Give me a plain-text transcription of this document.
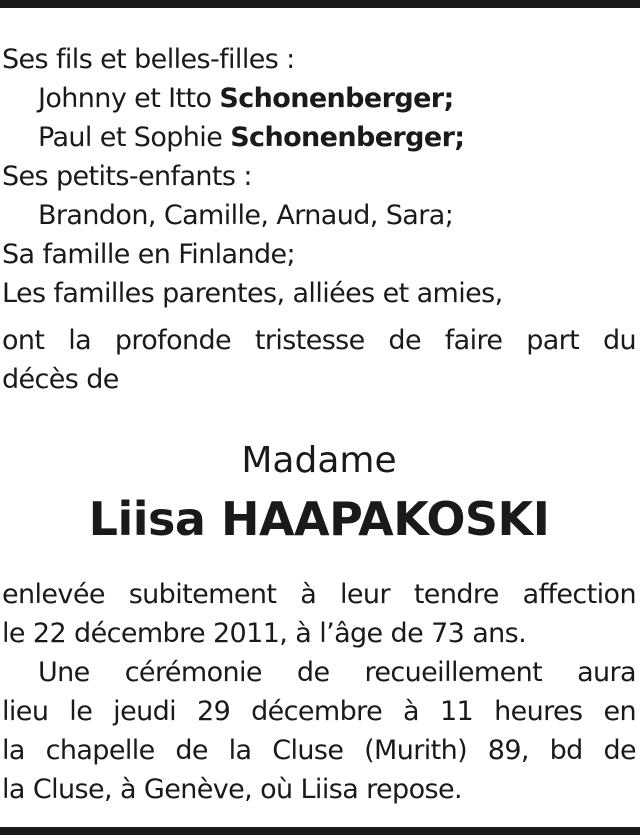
Ses fils et belles-filles :
Johnny et Itto Schonenberger;
Paul et Sophie Schonenberger;
Ses petits-enfants :
Brandon, Camille, Arnaud, Sara;
Sa famille en Finlande;
Les familles parentes, alliées et amies,
ont la profonde tristesse de faire part du
décès de
Madame
Liisa HAAPAKOSKI
enlevée subitement à leur tendre affection
le 22 décembre 2011, à l’âge de 73 ans.
Une cérémonie de recueillement aura
lieu le jeudi 29 décembre à 11 heures en
la chapelle de la Cluse (Murith) 89, bd de
la Cluse, à Genève, où Liisa repose.
